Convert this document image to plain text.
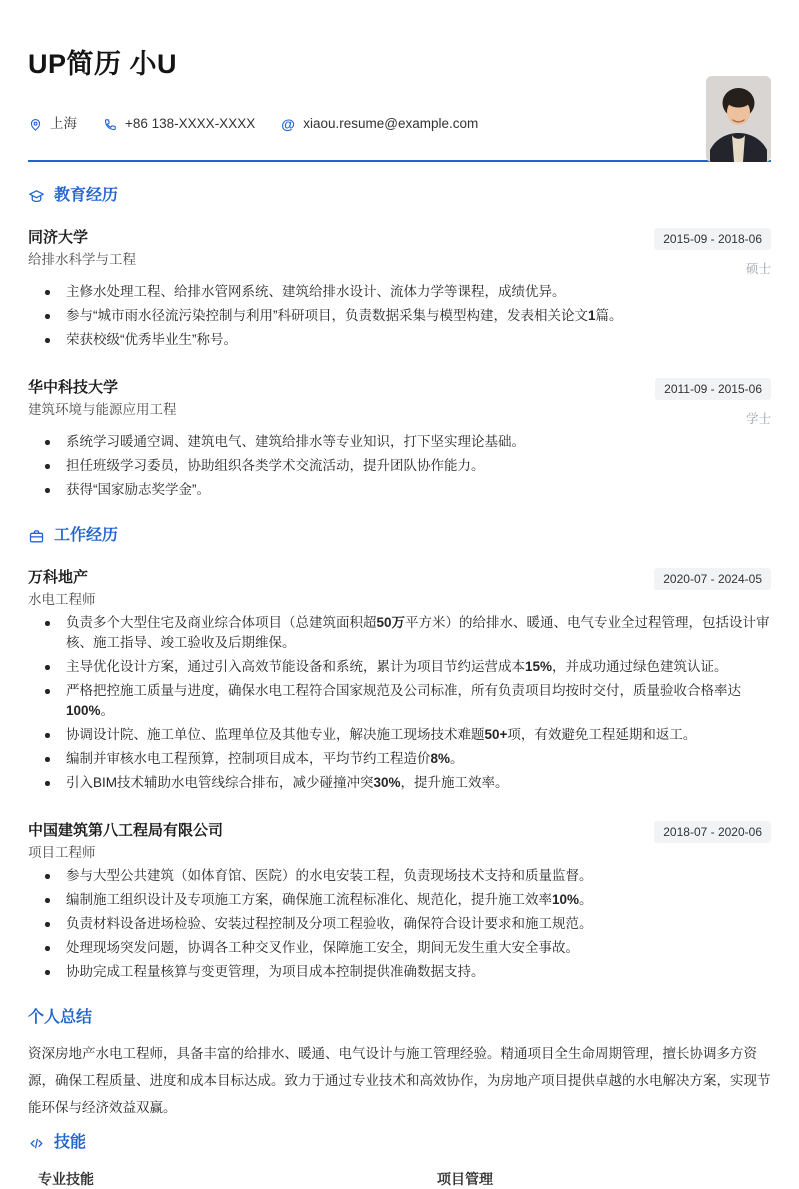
UP简历 小U
上海	+86 138-XXXX-XXXX @ xiaou.resume@example.com
教育经历
同济大学
给排水科学与工程
2015-09 - 2018-06
硕士
主修水处理工程、给排水管网系统、建筑给排水设计、流体力学等课程，成绩优异。
参与“城市雨水径流污染控制与利用”科研项目，负责数据采集与模型构建，发表相关论文1篇。
荣获校级“优秀毕业生”称号。
华中科技大学
建筑环境与能源应用工程
2011-09 - 2015-06
学士
系统学习暖通空调、建筑电气、建筑给排水等专业知识，打下坚实理论基础。
担任班级学习委员，协助组织各类学术交流活动，提升团队协作能力。
获得“国家励志奖学金”。
工作经历
万科地产
水电工程师
2020-07 - 2024-05
负责多个大型住宅及商业综合体项目（总建筑面积超50万平方米）的给排水、暖通、电气专业全过程管理，包括设计审核、施工指导、竣工验收及后期维保。
主导优化设计方案，通过引入高效节能设备和系统，累计为项目节约运营成本15%，并成功通过绿色建筑认证。
严格把控施工质量与进度，确保水电工程符合国家规范及公司标准，所有负责项目均按时交付，质量验收合格率达100%。
协调设计院、施工单位、监理单位及其他专业，解决施工现场技术难题50+项，有效避免工程延期和返工。
编制并审核水电工程预算，控制项目成本，平均节约工程造价8%。
引入BIM技术辅助水电管线综合排布，减少碰撞冲突30%，提升施工效率。
中国建筑第八工程局有限公司
项目工程师
2018-07 - 2020-06
参与大型公共建筑（如体育馆、医院）的水电安装工程，负责现场技术支持和质量监督。
编制施工组织设计及专项施工方案，确保施工流程标准化、规范化，提升施工效率10%。
负责材料设备进场检验、安装过程控制及分项工程验收，确保符合设计要求和施工规范。
处理现场突发问题，协调各工种交叉作业，保障施工安全，期间无发生重大安全事故。
协助完成工程量核算与变更管理，为项目成本控制提供准确数据支持。
个人总结

资深房地产水电工程师，具备丰富的给排水、暖通、电气设计与施工管理经验。精通项目全生命周期管理，擅长协调多方资源，确保工程质量、进度和成本目标达成。致力于通过专业技术和高效协作，为房地产项目提供卓越的水电解决方案，实现节能环保与经济效益双赢。

技能
专业技能	项目管理
